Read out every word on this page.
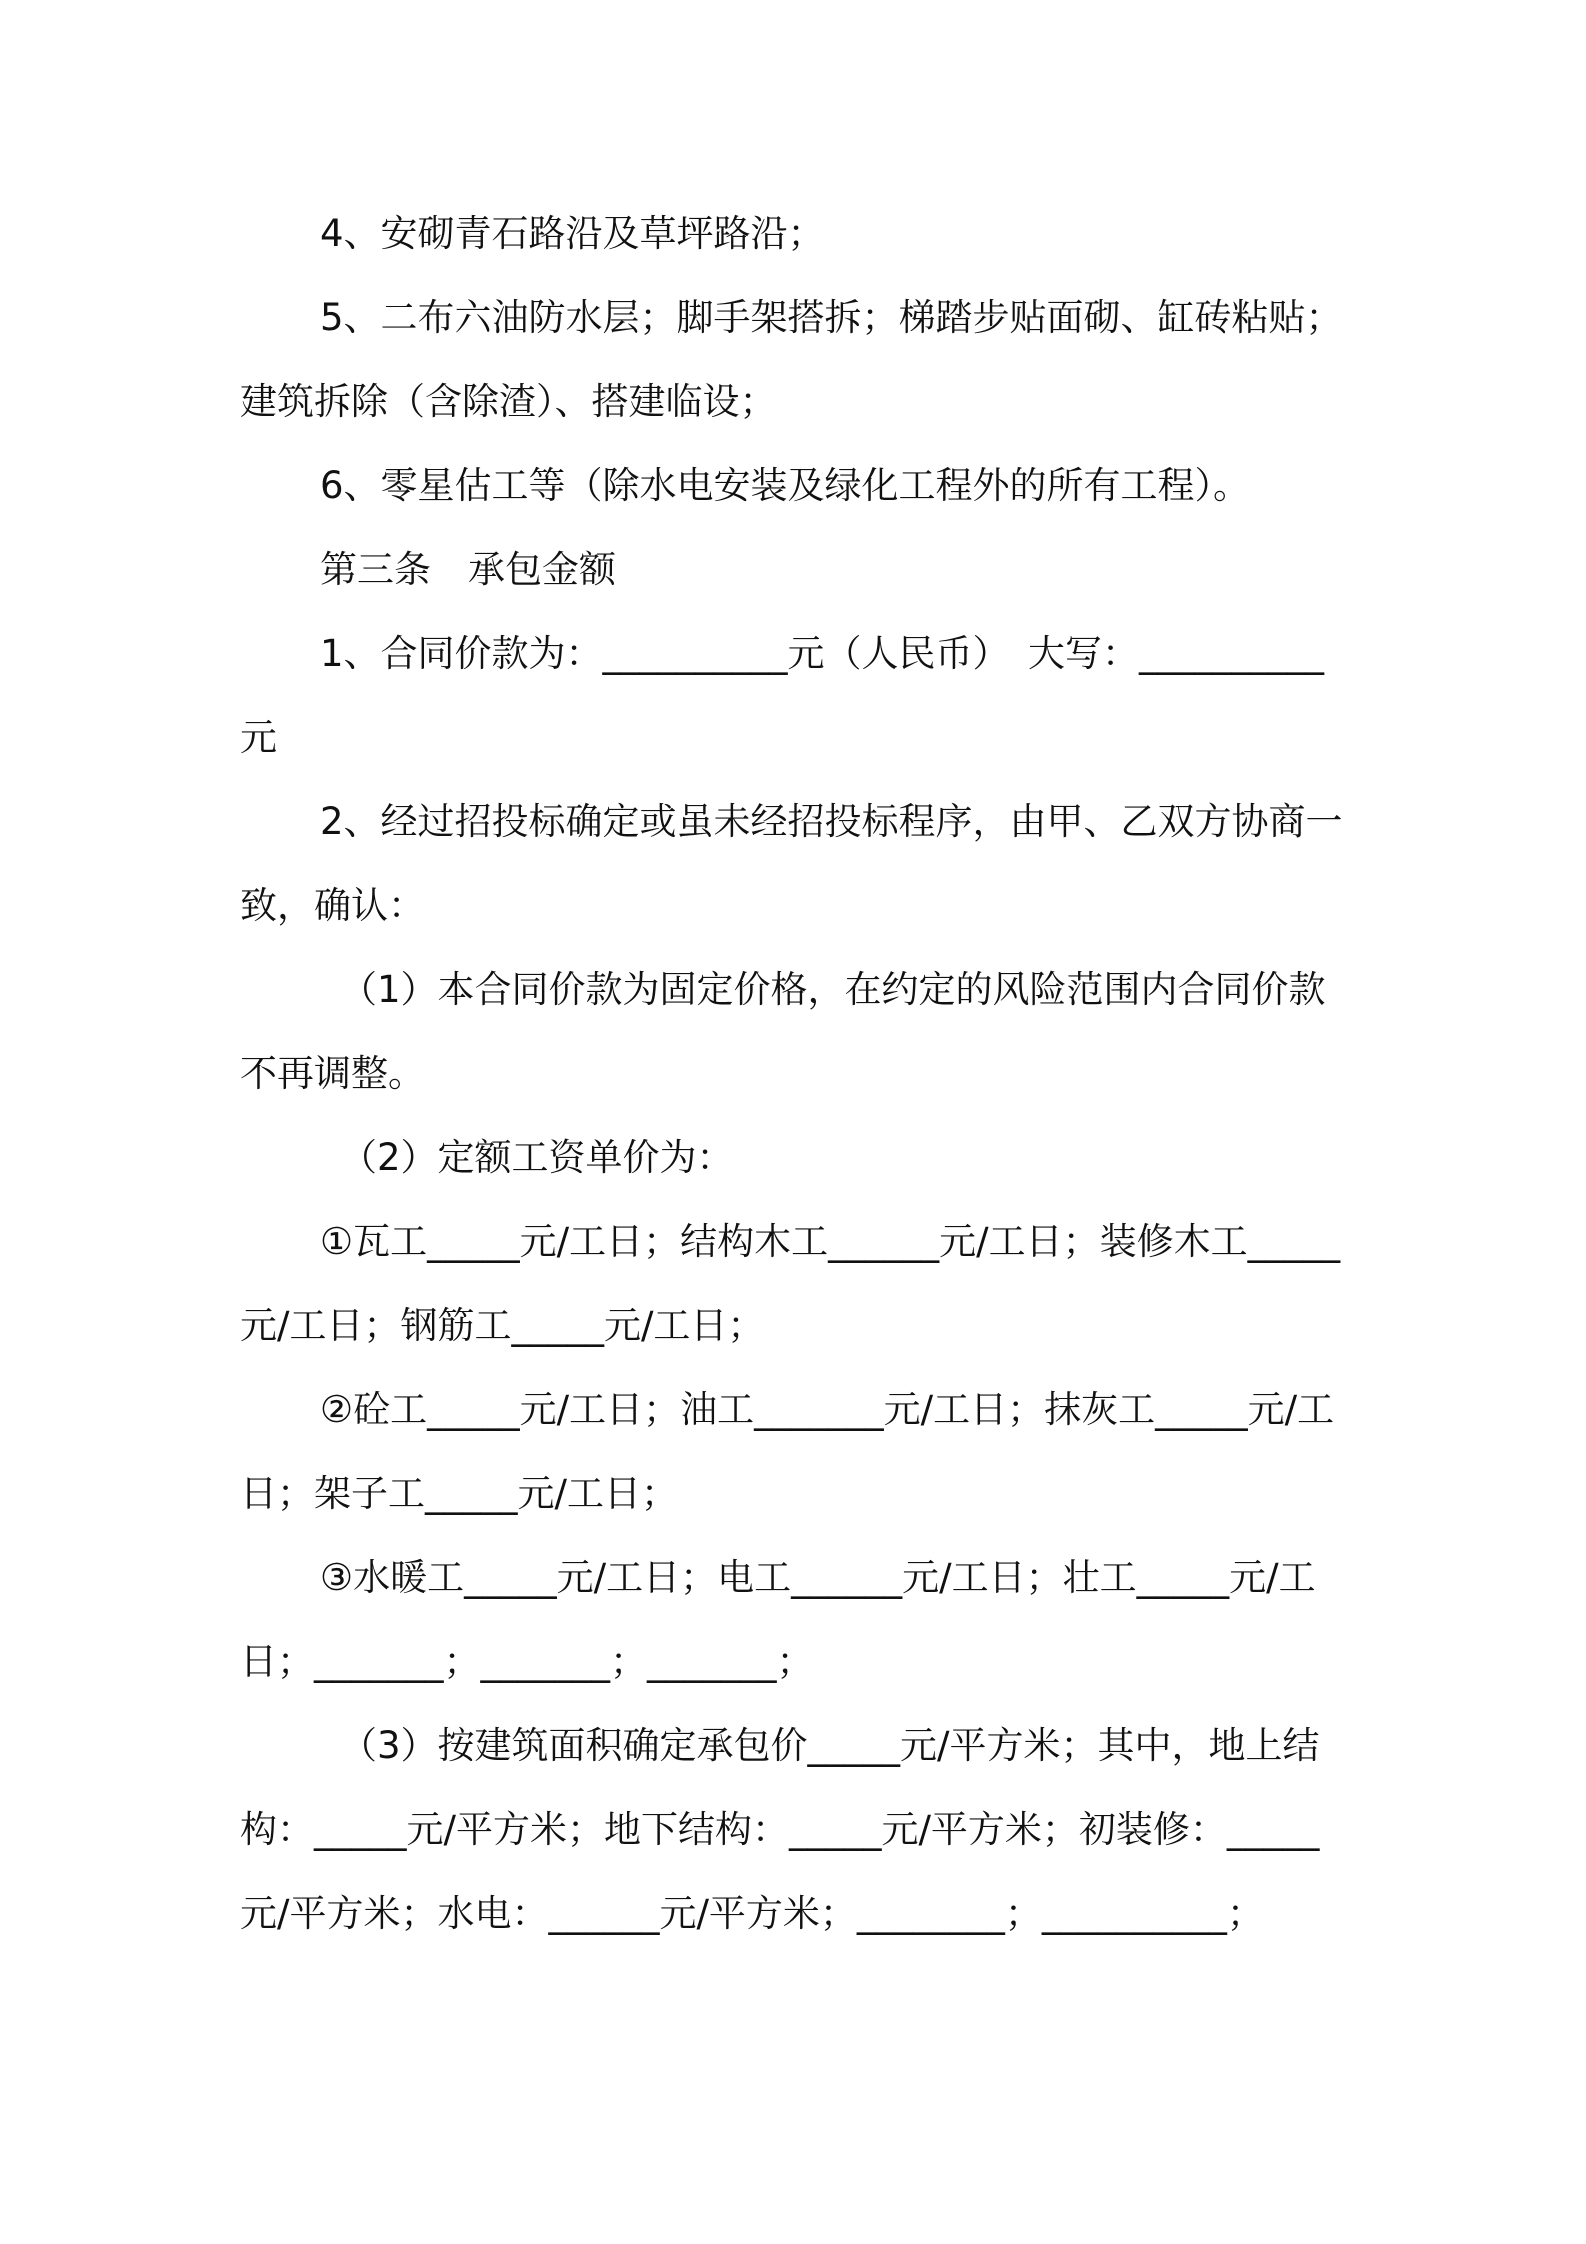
4、安砌青石路沿及草坪路沿；

5、二布六油防水层；脚手架搭拆；梯踏步贴面砌、缸砖粘贴；建筑拆除（含除渣）、搭建临设；

6、零星估工等（除水电安装及绿化工程外的所有工程）。

第三条　承包金额

1、合同价款为：__________元（人民币）　大写：__________元

2、经过招投标确定或虽未经招投标程序，由甲、乙双方协商一致，确认：

（1）本合同价款为固定价格，在约定的风险范围内合同价款不再调整。

（2）定额工资单价为：

①瓦工_____元/工日；结构木工______元/工日；装修木工_____元/工日；钢筋工_____元/工日；

②砼工_____元/工日；油工_______元/工日；抹灰工_____元/工日；架子工_____元/工日；

③水暖工_____元/工日；电工______元/工日；壮工_____元/工日；_______；_______；_______；

（3）按建筑面积确定承包价_____元/平方米；其中，地上结构：_____元/平方米；地下结构：_____元/平方米；初装修：_____元/平方米；水电：______元/平方米；________；__________；
